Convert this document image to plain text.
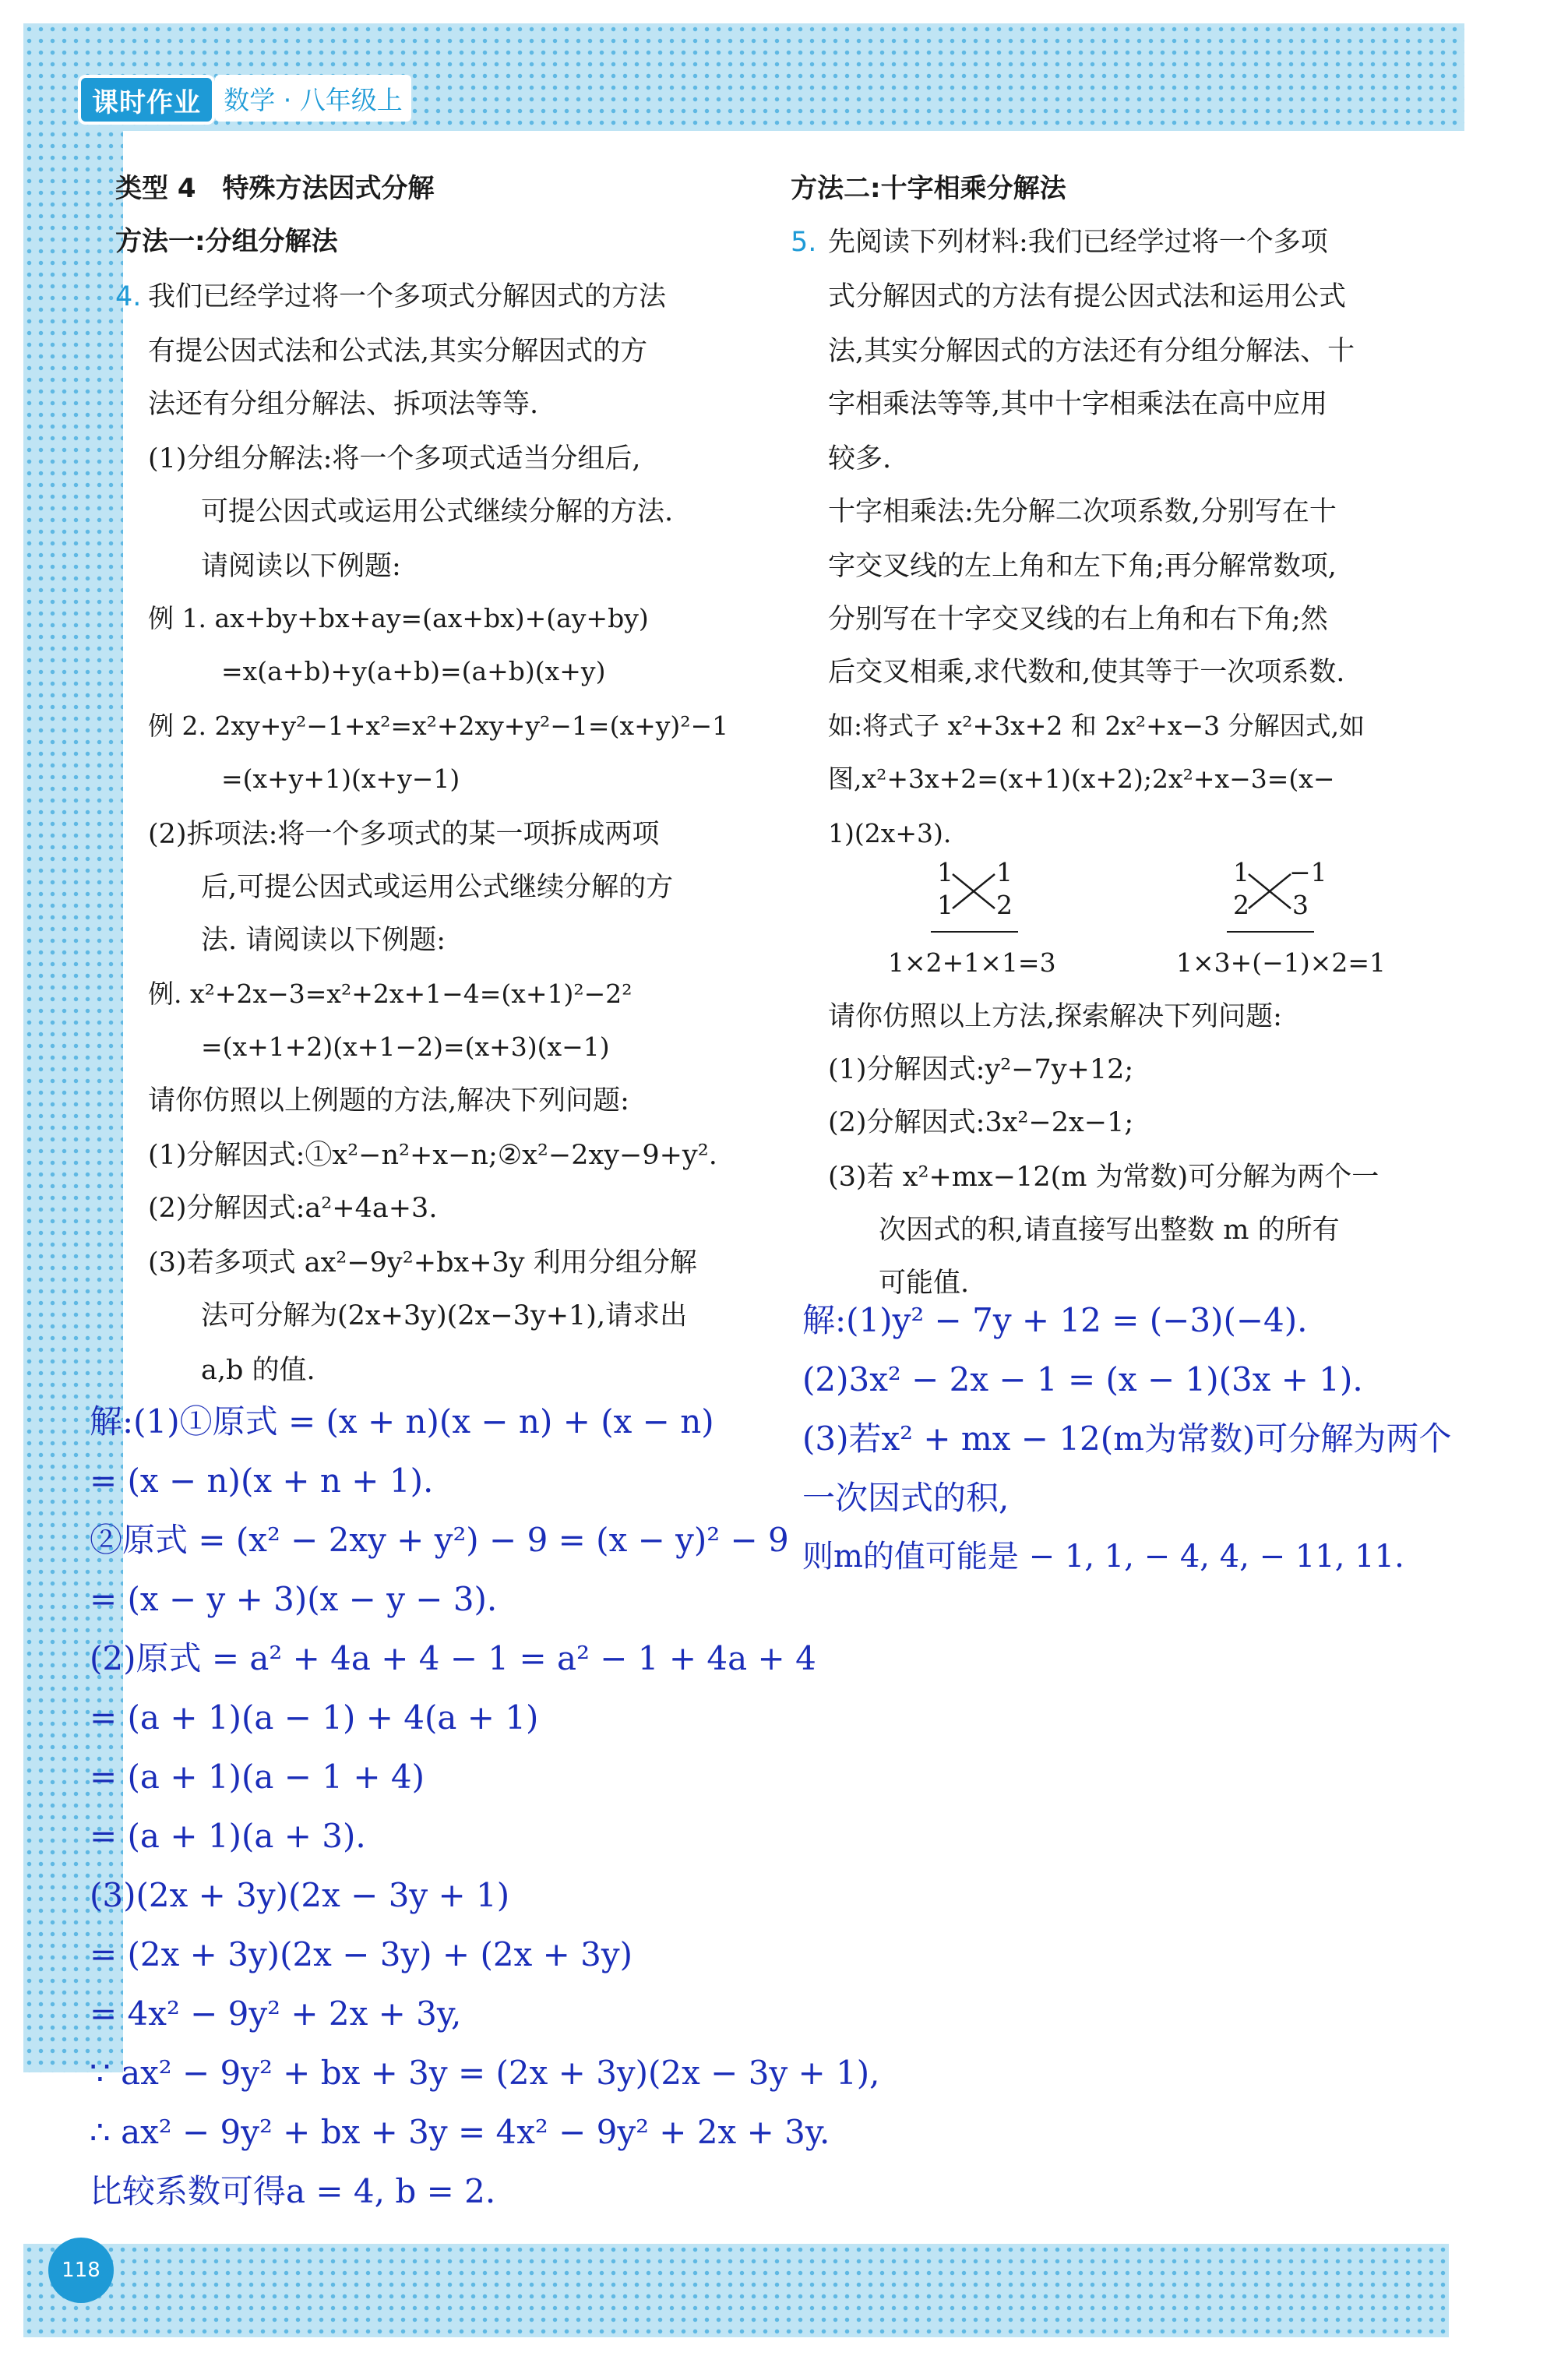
课时作业 数学 · 八年级上
类型 4　特殊方法因式分解
方法一:分组分解法
4. 我们已经学过将一个多项式分解因式的方法
有提公因式法和公式法,其实分解因式的方
法还有分组分解法、拆项法等等.
(1)分组分解法:将一个多项式适当分组后,
可提公因式或运用公式继续分解的方法.
请阅读以下例题:
例 1. ax+by+bx+ay=(ax+bx)+(ay+by)
=x(a+b)+y(a+b)=(a+b)(x+y)
例 2. 2xy+y²−1+x²=x²+2xy+y²−1=(x+y)²−1
=(x+y+1)(x+y−1)
(2)拆项法:将一个多项式的某一项拆成两项
后,可提公因式或运用公式继续分解的方
法. 请阅读以下例题:
例. x²+2x−3=x²+2x+1−4=(x+1)²−2²
=(x+1+2)(x+1−2)=(x+3)(x−1)
请你仿照以上例题的方法,解决下列问题:
(1)分解因式:①x²−n²+x−n;②x²−2xy−9+y².
(2)分解因式:a²+4a+3.
(3)若多项式 ax²−9y²+bx+3y 利用分组分解
法可分解为(2x+3y)(2x−3y+1),请求出
a,b 的值.
解:(1)①原式 = (x + n)(x − n) + (x − n)
= (x − n)(x + n + 1).
②原式 = (x² − 2xy + y²) − 9 = (x − y)² − 9
= (x − y + 3)(x − y − 3).
(2)原式 = a² + 4a + 4 − 1 = a² − 1 + 4a + 4
= (a + 1)(a − 1) + 4(a + 1)
= (a + 1)(a − 1 + 4)
= (a + 1)(a + 3).
(3)(2x + 3y)(2x − 3y + 1)
= (2x + 3y)(2x − 3y) + (2x + 3y)
= 4x² − 9y² + 2x + 3y,
∵ ax² − 9y² + bx + 3y = (2x + 3y)(2x − 3y + 1),
∴ ax² − 9y² + bx + 3y = 4x² − 9y² + 2x + 3y.
比较系数可得a = 4, b = 2.
方法二:十字相乘分解法
5. 先阅读下列材料:我们已经学过将一个多项
式分解因式的方法有提公因式法和运用公式
法,其实分解因式的方法还有分组分解法、十
字相乘法等等,其中十字相乘法在高中应用
较多.
十字相乘法:先分解二次项系数,分别写在十
字交叉线的左上角和左下角;再分解常数项,
分别写在十字交叉线的右上角和右下角;然
后交叉相乘,求代数和,使其等于一次项系数.
如:将式子 x²+3x+2 和 2x²+x−3 分解因式,如
图,x²+3x+2=(x+1)(x+2);2x²+x−3=(x−
1)(2x+3).
1 1
1 2
1×2+1×1=3
1 −1
2 3
1×3+(−1)×2=1
请你仿照以上方法,探索解决下列问题:
(1)分解因式:y²−7y+12;
(2)分解因式:3x²−2x−1;
(3)若 x²+mx−12(m 为常数)可分解为两个一
次因式的积,请直接写出整数 m 的所有
可能值.
解:(1)y² − 7y + 12 = (−3)(−4).
(2)3x² − 2x − 1 = (x − 1)(3x + 1).
(3)若x² + mx − 12(m为常数)可分解为两个
一次因式的积,
则m的值可能是 − 1, 1, − 4, 4, − 11, 11.
118
